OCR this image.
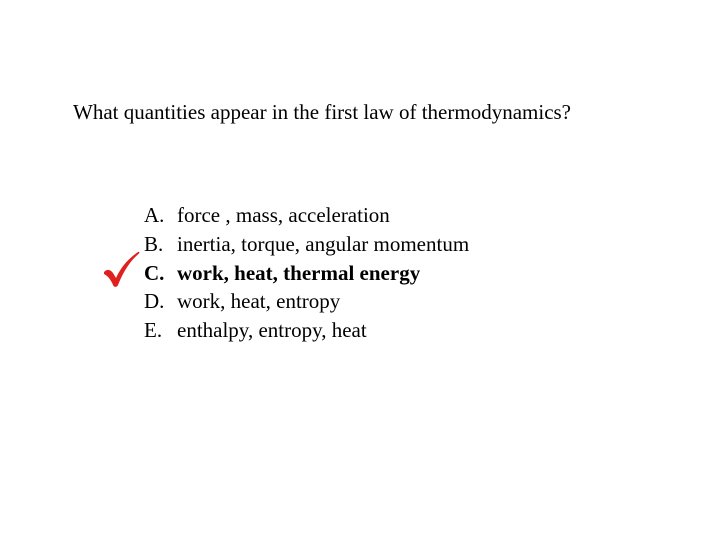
What quantities appear in the first law of thermodynamics?
A. force , mass, acceleration
B. inertia, torque, angular momentum
C. work, heat, thermal energy
D. work, heat, entropy
E. enthalpy, entropy, heat
